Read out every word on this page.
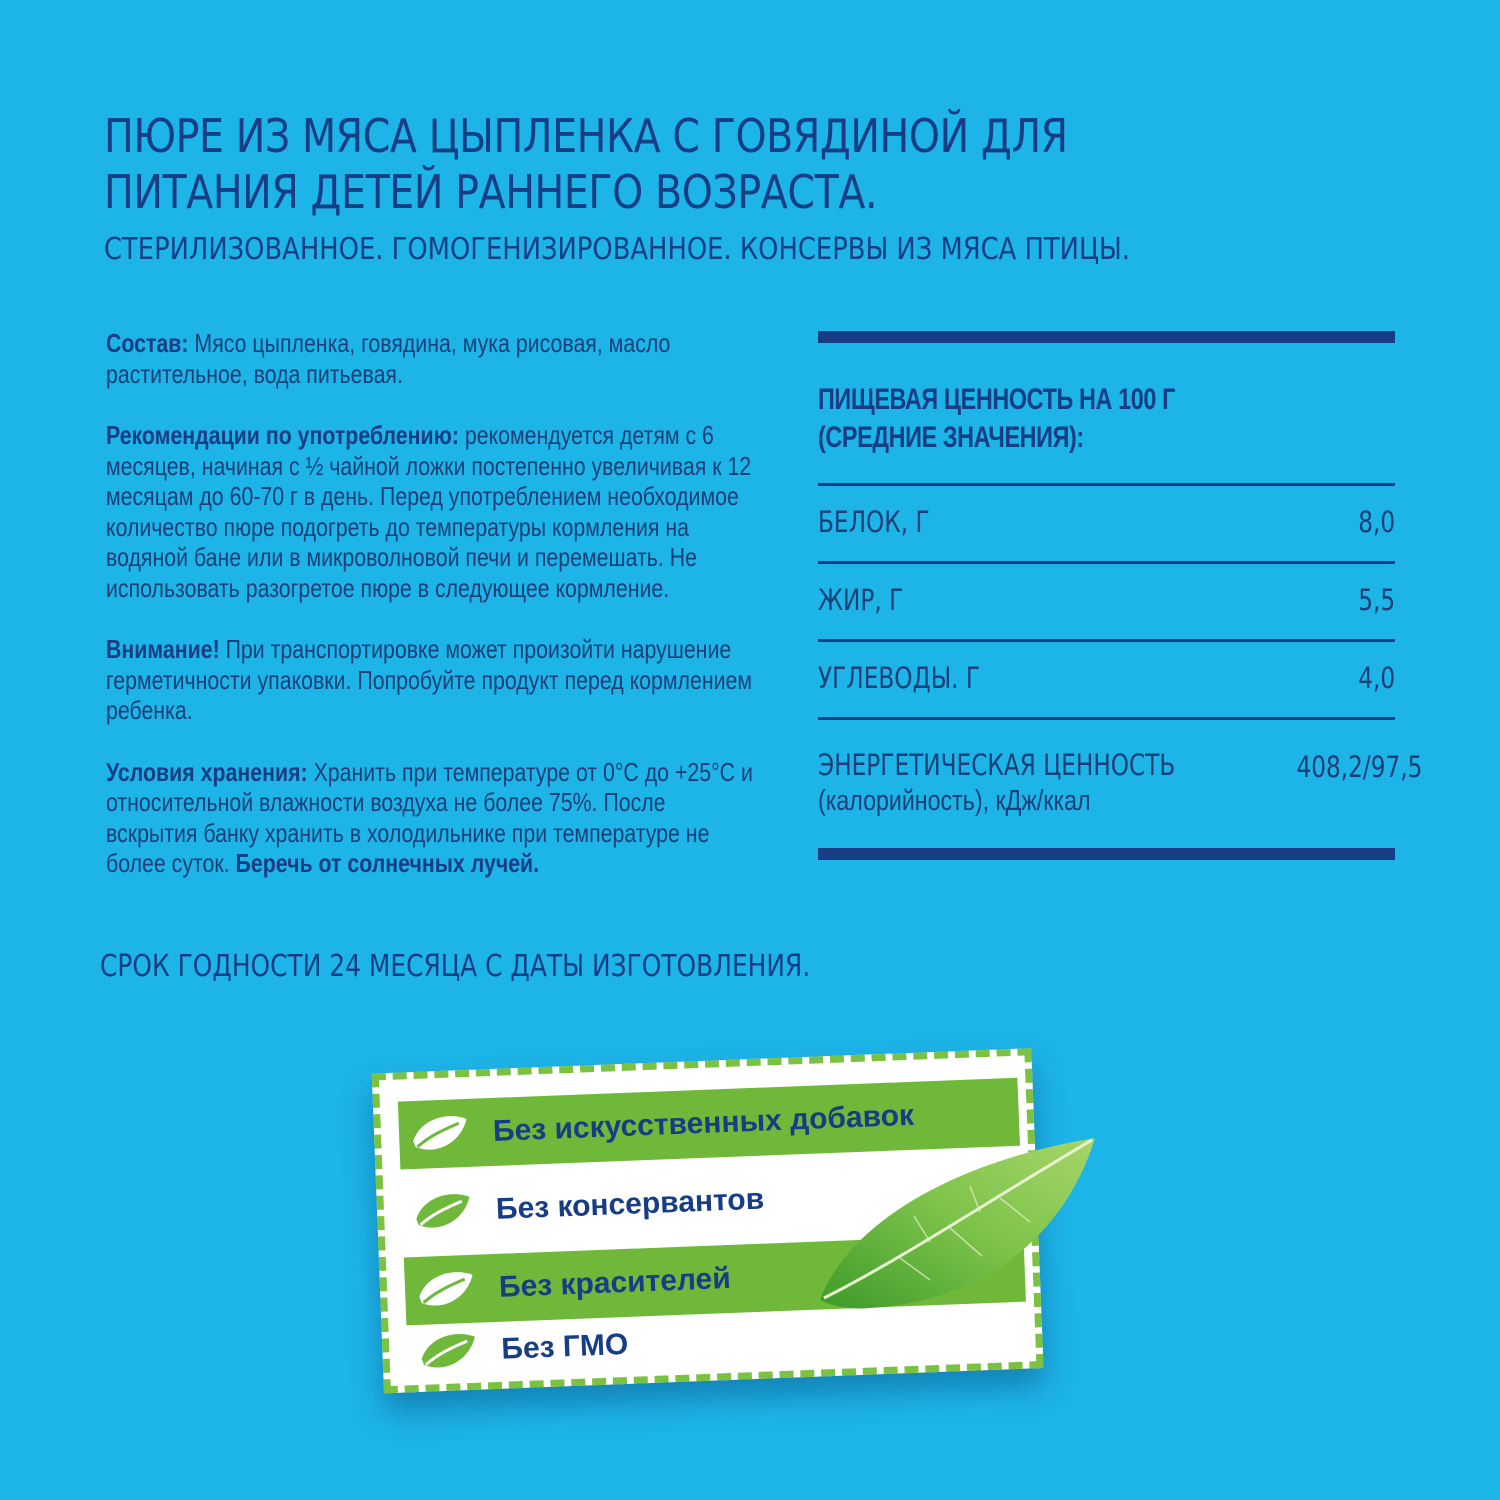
ПЮРЕ ИЗ МЯСА ЦЫПЛЕНКА С ГОВЯДИНОЙ ДЛЯ ПИТАНИЯ ДЕТЕЙ РАННЕГО ВОЗРАСТА.
СТЕРИЛИЗОВАННОЕ. ГОМОГЕНИЗИРОВАННОЕ. КОНСЕРВЫ ИЗ МЯСА ПТИЦЫ.

Состав: Мясо цыпленка, говядина, мука рисовая, масло растительное, вода питьевая.

Рекомендации по употреблению: рекомендуется детям с 6 месяцев, начиная с ½ чайной ложки постепенно увеличивая к 12 месяцам до 60-70 г в день. Перед употреблением необходимое количество пюре подогреть до температуры кормления на водяной бане или в микроволновой печи и перемешать. Не использовать разогретое пюре в следующее кормление.

Внимание! При транспортировке может произойти нарушение герметичности упаковки. Попробуйте продукт перед кормлением ребенка.

Условия хранения: Хранить при температуре от 0°C до +25°C и относительной влажности воздуха не более 75%. После вскрытия банку хранить в холодильнике при температуре не более суток. Беречь от солнечных лучей.

СРОК ГОДНОСТИ 24 МЕСЯЦА С ДАТЫ ИЗГОТОВЛЕНИЯ.
ПИЩЕВАЯ ЦЕННОСТЬ НА 100 Г
(СРЕДНИЕ ЗНАЧЕНИЯ):
БЕЛОК, Г	8,0
ЖИР, Г	5,5
УГЛЕВОДЫ. Г	4,0
ЭНЕРГЕТИЧЕСКАЯ ЦЕННОСТЬ
(калорийность), кДж/ккал
408,2/97,5
Без искусственных добавок
Без консервантов
Без красителей
Без ГМО
